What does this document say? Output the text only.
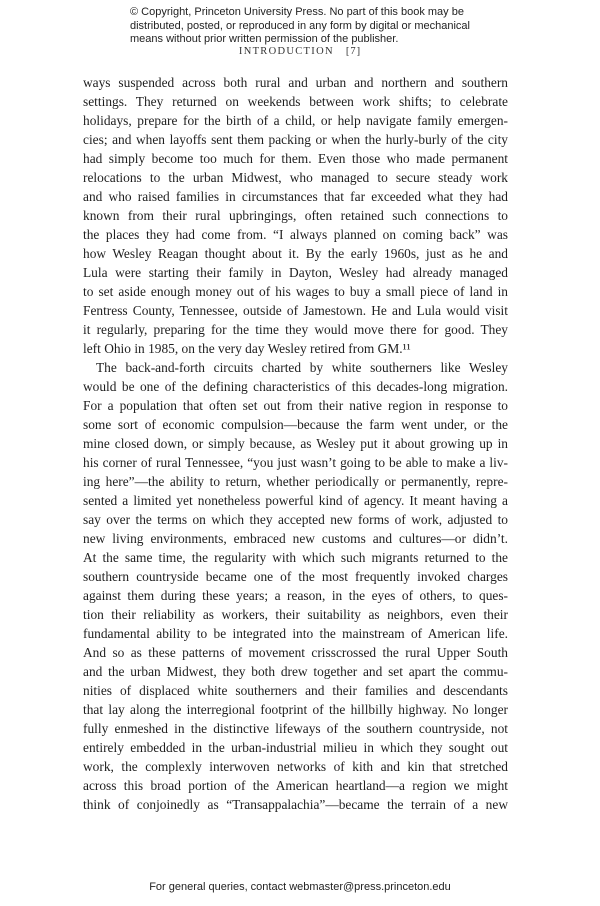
© Copyright, Princeton University Press. No part of this book may be
distributed, posted, or reproduced in any form by digital or mechanical
means without prior written permission of the publisher.
INTRODUCTION [7]
ways suspended across both rural and urban and northern and southern
settings. They returned on weekends between work shifts; to celebrate
holidays, prepare for the birth of a child, or help navigate family emergen-
cies; and when layoffs sent them packing or when the hurly-burly of the city
had simply become too much for them. Even those who made permanent
relocations to the urban Midwest, who managed to secure steady work
and who raised families in circumstances that far exceeded what they had
known from their rural upbringings, often retained such connections to
the places they had come from. “I always planned on coming back” was
how Wesley Reagan thought about it. By the early 1960s, just as he and
Lula were starting their family in Dayton, Wesley had already managed
to set aside enough money out of his wages to buy a small piece of land in
Fentress County, Tennessee, outside of Jamestown. He and Lula would visit
it regularly, preparing for the time they would move there for good. They
left Ohio in 1985, on the very day Wesley retired from GM.¹¹
The back-and-forth circuits charted by white southerners like Wesley
would be one of the defining characteristics of this decades-long migration.
For a population that often set out from their native region in response to
some sort of economic compulsion—because the farm went under, or the
mine closed down, or simply because, as Wesley put it about growing up in
his corner of rural Tennessee, “you just wasn’t going to be able to make a liv-
ing here”—the ability to return, whether periodically or permanently, repre-
sented a limited yet nonetheless powerful kind of agency. It meant having a
say over the terms on which they accepted new forms of work, adjusted to
new living environments, embraced new customs and cultures—or didn’t.
At the same time, the regularity with which such migrants returned to the
southern countryside became one of the most frequently invoked charges
against them during these years; a reason, in the eyes of others, to ques-
tion their reliability as workers, their suitability as neighbors, even their
fundamental ability to be integrated into the mainstream of American life.
And so as these patterns of movement crisscrossed the rural Upper South
and the urban Midwest, they both drew together and set apart the commu-
nities of displaced white southerners and their families and descendants
that lay along the interregional footprint of the hillbilly highway. No longer
fully enmeshed in the distinctive lifeways of the southern countryside, not
entirely embedded in the urban-industrial milieu in which they sought out
work, the complexly interwoven networks of kith and kin that stretched
across this broad portion of the American heartland—a region we might
think of conjoinedly as “Transappalachia”—became the terrain of a new
For general queries, contact webmaster@press.princeton.edu
